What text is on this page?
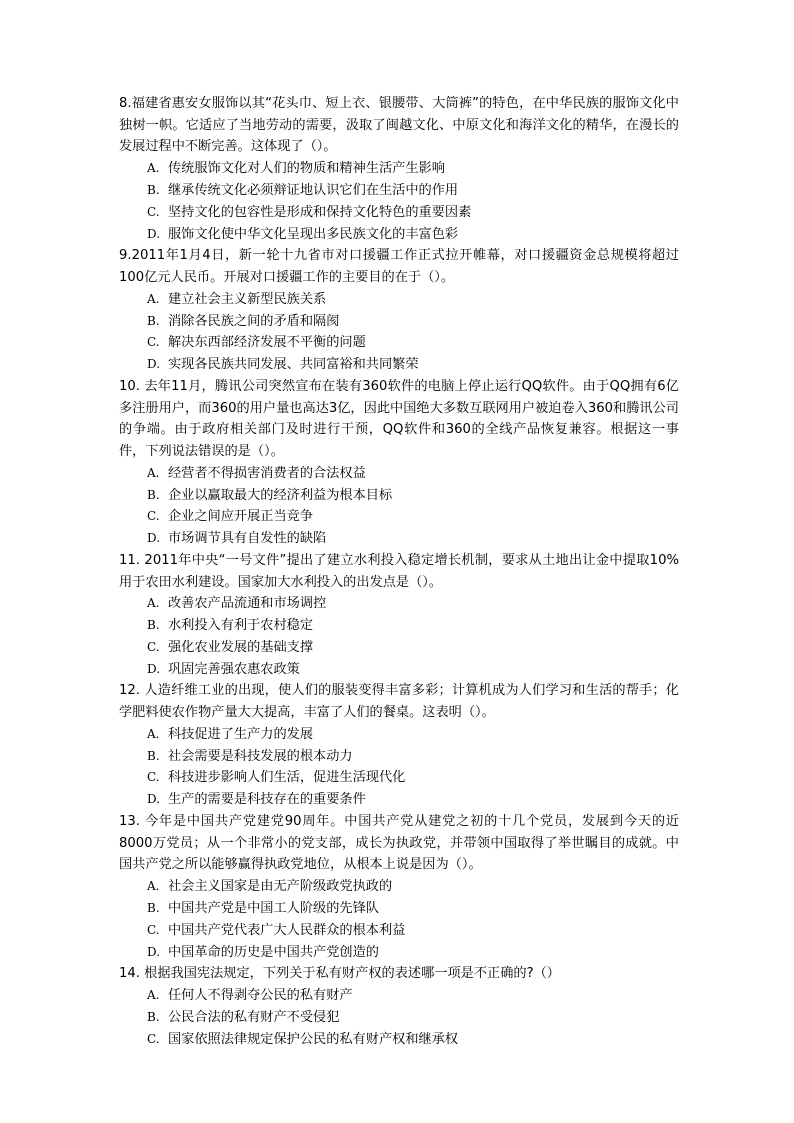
8.福建省惠安女服饰以其“花头巾、短上衣、银腰带、大筒裤”的特色，在中华民族的服饰文化中独树一帜。它适应了当地劳动的需要，汲取了闽越文化、中原文化和海洋文化的精华，在漫长的发展过程中不断完善。这体现了（）。

A. 传统服饰文化对人们的物质和精神生活产生影响
B. 继承传统文化必须辩证地认识它们在生活中的作用
C. 坚持文化的包容性是形成和保持文化特色的重要因素
D. 服饰文化使中华文化呈现出多民族文化的丰富色彩

9.2011年1月4日，新一轮十九省市对口援疆工作正式拉开帷幕，对口援疆资金总规模将超过100亿元人民币。开展对口援疆工作的主要目的在于（）。

A. 建立社会主义新型民族关系
B. 消除各民族之间的矛盾和隔阂
C. 解决东西部经济发展不平衡的问题
D. 实现各民族共同发展、共同富裕和共同繁荣

10. 去年11月，腾讯公司突然宣布在装有360软件的电脑上停止运行QQ软件。由于QQ拥有6亿多注册用户，而360的用户量也高达3亿，因此中国绝大多数互联网用户被迫卷入360和腾讯公司的争端。由于政府相关部门及时进行干预，QQ软件和360的全线产品恢复兼容。根据这一事件，下列说法错误的是（）。

A. 经营者不得损害消费者的合法权益
B. 企业以赢取最大的经济利益为根本目标
C. 企业之间应开展正当竞争
D. 市场调节具有自发性的缺陷

11. 2011年中央“一号文件”提出了建立水利投入稳定增长机制，要求从土地出让金中提取10%用于农田水利建设。国家加大水利投入的出发点是（）。

A. 改善农产品流通和市场调控
B. 水利投入有利于农村稳定
C. 强化农业发展的基础支撑
D. 巩固完善强农惠农政策

12. 人造纤维工业的出现，使人们的服装变得丰富多彩；计算机成为人们学习和生活的帮手；化学肥料使农作物产量大大提高，丰富了人们的餐桌。这表明（）。

A. 科技促进了生产力的发展
B. 社会需要是科技发展的根本动力
C. 科技进步影响人们生活，促进生活现代化
D. 生产的需要是科技存在的重要条件

13. 今年是中国共产党建党90周年。中国共产党从建党之初的十几个党员，发展到今天的近8000万党员；从一个非常小的党支部，成长为执政党，并带领中国取得了举世瞩目的成就。中国共产党之所以能够赢得执政党地位，从根本上说是因为（）。

A. 社会主义国家是由无产阶级政党执政的
B. 中国共产党是中国工人阶级的先锋队
C. 中国共产党代表广大人民群众的根本利益
D. 中国革命的历史是中国共产党创造的

14. 根据我国宪法规定，下列关于私有财产权的表述哪一项是不正确的?（）

A. 任何人不得剥夺公民的私有财产
B. 公民合法的私有财产不受侵犯
C. 国家依照法律规定保护公民的私有财产权和继承权
